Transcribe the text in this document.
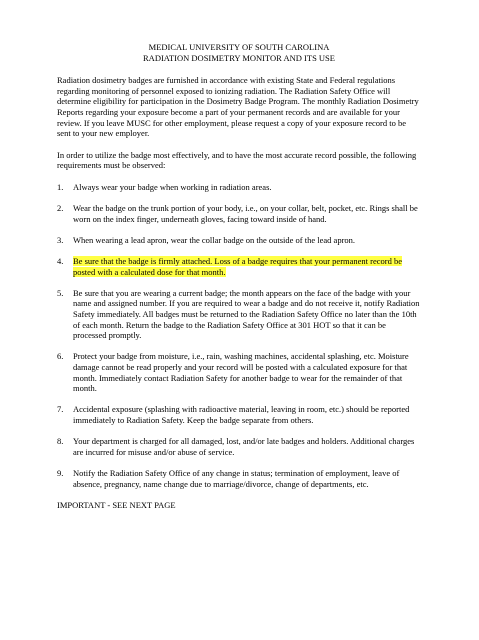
MEDICAL UNIVERSITY OF SOUTH CAROLINA
RADIATION DOSIMETRY MONITOR AND ITS USE

Radiation dosimetry badges are furnished in accordance with existing State and Federal regulations regarding monitoring of personnel exposed to ionizing radiation. The Radiation Safety Office will determine eligibility for participation in the Dosimetry Badge Program. The monthly Radiation Dosimetry Reports regarding your exposure become a part of your permanent records and are available for your review. If you leave MUSC for other employment, please request a copy of your exposure record to be sent to your new employer.

In order to utilize the badge most effectively, and to have the most accurate record possible, the following requirements must be observed:

1. Always wear your badge when working in radiation areas.
2. Wear the badge on the trunk portion of your body, i.e., on your collar, belt, pocket, etc. Rings shall be worn on the index finger, underneath gloves, facing toward inside of hand.
3. When wearing a lead apron, wear the collar badge on the outside of the lead apron.
4. Be sure that the badge is firmly attached. Loss of a badge requires that your permanent record be posted with a calculated dose for that month.
5. Be sure that you are wearing a current badge; the month appears on the face of the badge with your name and assigned number. If you are required to wear a badge and do not receive it, notify Radiation Safety immediately. All badges must be returned to the Radiation Safety Office no later than the 10th of each month. Return the badge to the Radiation Safety Office at 301 HOT so that it can be processed promptly.
6. Protect your badge from moisture, i.e., rain, washing machines, accidental splashing, etc. Moisture damage cannot be read properly and your record will be posted with a calculated exposure for that month. Immediately contact Radiation Safety for another badge to wear for the remainder of that month.
7. Accidental exposure (splashing with radioactive material, leaving in room, etc.) should be reported immediately to Radiation Safety. Keep the badge separate from others.
8. Your department is charged for all damaged, lost, and/or late badges and holders. Additional charges are incurred for misuse and/or abuse of service.
9. Notify the Radiation Safety Office of any change in status; termination of employment, leave of absence, pregnancy, name change due to marriage/divorce, change of departments, etc.
IMPORTANT - SEE NEXT PAGE
